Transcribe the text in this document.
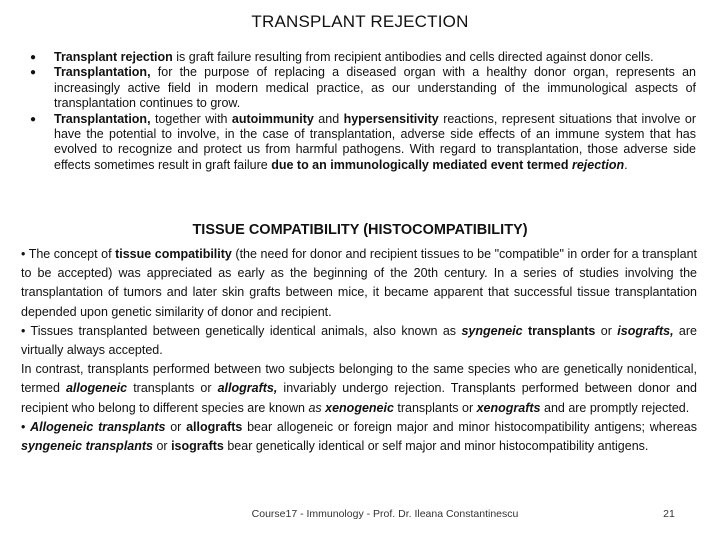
TRANSPLANT REJECTION
●	Transplant rejection is graft failure resulting from recipient antibodies and cells directed against donor cells.
●	Transplantation, for the purpose of replacing a diseased organ with a healthy donor organ, represents an increasingly active field in modern medical practice, as our understanding of the immunological aspects of transplantation continues to grow.
●	Transplantation, together with autoimmunity and hypersensitivity reactions, represent situations that involve or have the potential to involve, in the case of transplantation, adverse side effects of an immune system that has evolved to recognize and protect us from harmful pathogens. With regard to transplantation, those adverse side effects sometimes result in graft failure due to an immunologically mediated event termed rejection.
TISSUE COMPATIBILITY (HISTOCOMPATIBILITY)

• The concept of tissue compatibility (the need for donor and recipient tissues to be "compatible" in order for a transplant to be accepted) was appreciated as early as the beginning of the 20th century. In a series of studies involving the transplantation of tumors and later skin grafts between mice, it became apparent that successful tissue transplantation depended upon genetic similarity of donor and recipient.

• Tissues transplanted between genetically identical animals, also known as syngeneic transplants or isografts, are virtually always accepted.

In contrast, transplants performed between two subjects belonging to the same species who are genetically nonidentical, termed allogeneic transplants or allografts, invariably undergo rejection. Transplants performed between donor and recipient who belong to different species are known as xenogeneic transplants or xenografts and are promptly rejected.

• Allogeneic transplants or allografts bear allogeneic or foreign major and minor histocompatibility antigens; whereas syngeneic transplants or isografts bear genetically identical or self major and minor histocompatibility antigens.

Course17 - Immunology - Prof. Dr. Ileana Constantinescu	21
